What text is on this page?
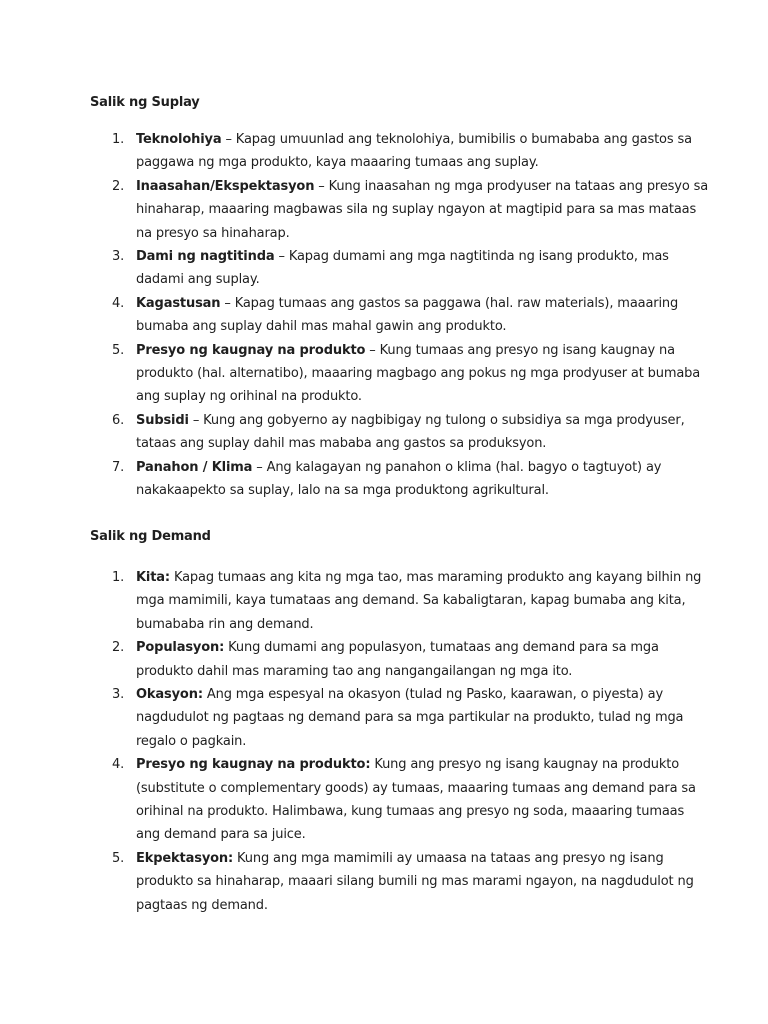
Salik ng Suplay
1. Teknolohiya – Kapag umuunlad ang teknolohiya, bumibilis o bumababa ang gastos sa paggawa ng mga produkto, kaya maaaring tumaas ang suplay.
2. Inaasahan/Ekspektasyon – Kung inaasahan ng mga prodyuser na tataas ang presyo sa hinaharap, maaaring magbawas sila ng suplay ngayon at magtipid para sa mas mataas na presyo sa hinaharap.
3. Dami ng nagtitinda – Kapag dumami ang mga nagtitinda ng isang produkto, mas dadami ang suplay.
4. Kagastusan – Kapag tumaas ang gastos sa paggawa (hal. raw materials), maaaring bumaba ang suplay dahil mas mahal gawin ang produkto.
5. Presyo ng kaugnay na produkto – Kung tumaas ang presyo ng isang kaugnay na produkto (hal. alternatibo), maaaring magbago ang pokus ng mga prodyuser at bumaba ang suplay ng orihinal na produkto.
6. Subsidi – Kung ang gobyerno ay nagbibigay ng tulong o subsidiya sa mga prodyuser, tataas ang suplay dahil mas mababa ang gastos sa produksyon.
7. Panahon / Klima – Ang kalagayan ng panahon o klima (hal. bagyo o tagtuyot) ay nakakaapekto sa suplay, lalo na sa mga produktong agrikultural.
Salik ng Demand
1. Kita: Kapag tumaas ang kita ng mga tao, mas maraming produkto ang kayang bilhin ng mga mamimili, kaya tumataas ang demand. Sa kabaligtaran, kapag bumaba ang kita, bumababa rin ang demand.
2. Populasyon: Kung dumami ang populasyon, tumataas ang demand para sa mga produkto dahil mas maraming tao ang nangangailangan ng mga ito.
3. Okasyon: Ang mga espesyal na okasyon (tulad ng Pasko, kaarawan, o piyesta) ay nagdudulot ng pagtaas ng demand para sa mga partikular na produkto, tulad ng mga regalo o pagkain.
4. Presyo ng kaugnay na produkto: Kung ang presyo ng isang kaugnay na produkto (substitute o complementary goods) ay tumaas, maaaring tumaas ang demand para sa orihinal na produkto. Halimbawa, kung tumaas ang presyo ng soda, maaaring tumaas ang demand para sa juice.
5. Ekpektasyon: Kung ang mga mamimili ay umaasa na tataas ang presyo ng isang produkto sa hinaharap, maaari silang bumili ng mas marami ngayon, na nagdudulot ng pagtaas ng demand.
